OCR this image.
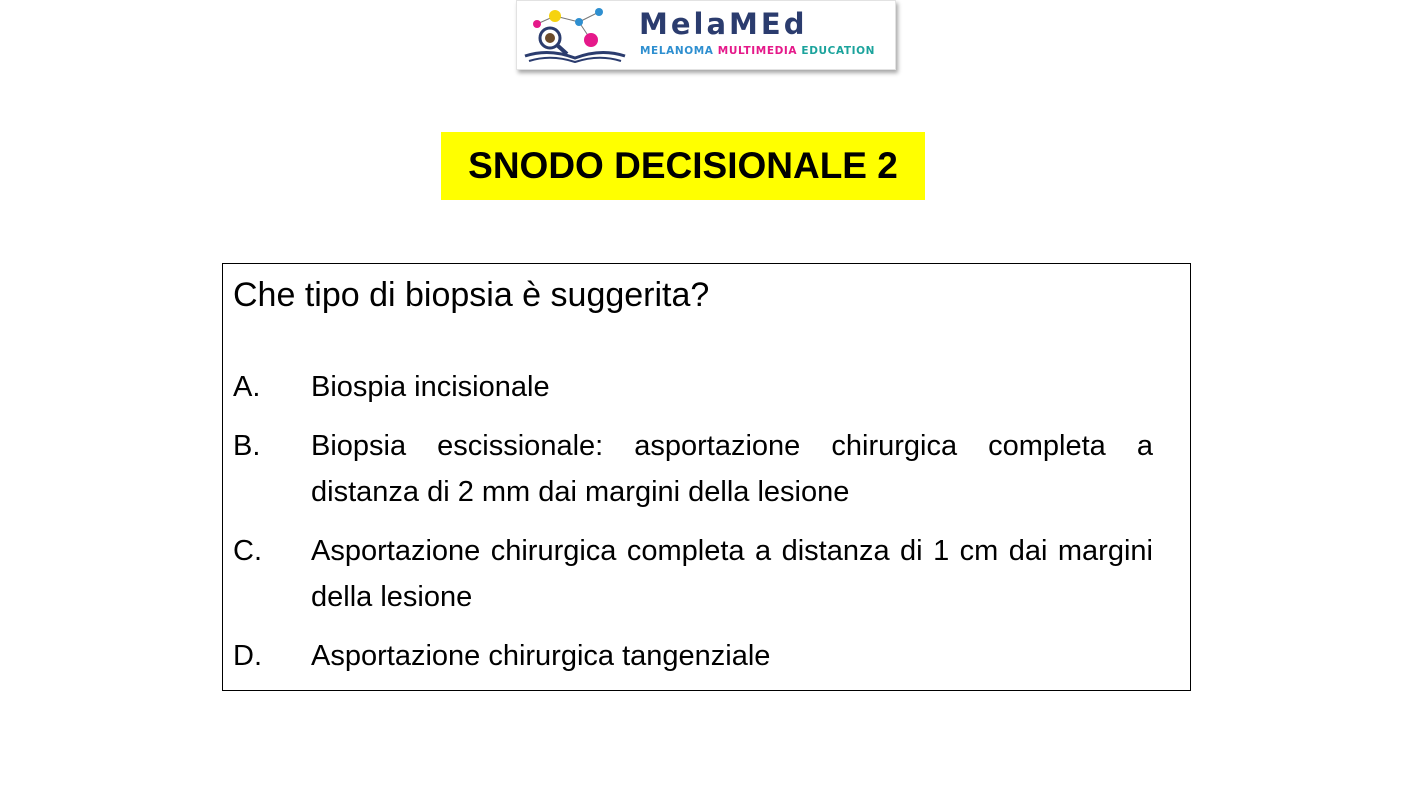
MelaMEd
MELANOMA MULTIMEDIA EDUCATION
SNODO DECISIONALE 2
Che tipo di biopsia è suggerita?
A.	Biospia incisionale
B.	Biopsia escissionale: asportazione chirurgica completa a distanza di 2 mm dai margini della lesione
C.	Asportazione chirurgica completa a distanza di 1 cm dai margini della lesione
D.	Asportazione chirurgica tangenziale
